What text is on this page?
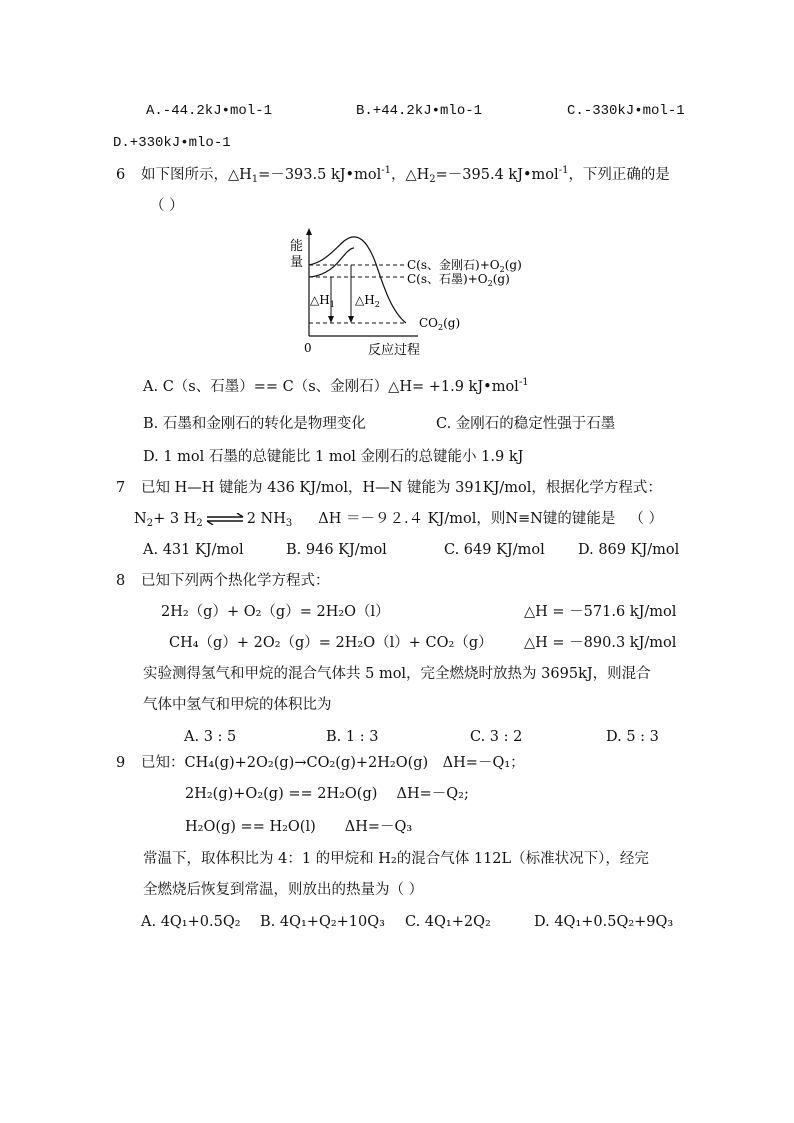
A.-44.2kJ•mol-1	B.+44.2kJ•mlo-1	C.-330kJ•mol-1
D.+330kJ•mlo-1
6 如下图所示，$\triangle H_1=-393.5$ kJ•mol$^{-1}$，$\triangle H_2=-395.4$ kJ•mol$^{-1}$，下列正确的是
（ ）
能
量
0	反应过程
$\triangle H_1$ $\triangle H_2$
C(s、金刚石)$+O_2(g)$
C(s、石墨)$+O_2(g)$
$CO_2(g)$
A. C（s、石墨）== C（s、金刚石）△H= +1.9 kJ•mol$^{-1}$
B. 石墨和金刚石的转化是物理变化	C. 金刚石的稳定性强于石墨
D. 1 mol 石墨的总键能比 1 mol 金刚石的总键能小 1.9 kJ
7 已知 H—H 键能为 436 KJ/mol，H—N 键能为 391KJ/mol，根据化学方程式：
$N_2+ 3$ $H_2$ ⇌ 2 $NH_3$ ΔH ＝－９２.４ KJ/mol，则N≡N键的键能是 （ ）
A. 431 KJ/mol	B. 946 KJ/mol	C. 649 KJ/mol D. 869 KJ/mol
8 已知下列两个热化学方程式：
2H₂（g）+ O₂（g）= 2H₂O（l）	△H = －571.6 kJ/mol
CH₄（g）+ 2O₂（g）= 2H₂O（l）+ CO₂（g） △H = －890.3 kJ/mol
实验测得氢气和甲烷的混合气体共 5 mol，完全燃烧时放热为 3695kJ，则混合
气体中氢气和甲烷的体积比为
A. 3 : 5	B. 1 : 3	C. 3 : 2	D. 5 : 3
9 已知：CH₄(g)+2O₂(g)→CO₂(g)+2H₂O(g)　ΔH=－Q₁；
2H₂(g)+O₂(g) == 2H₂O(g)　 ΔH=－Q₂;
H₂O(g) == H₂O(l)　　ΔH=－Q₃
常温下，取体积比为 4：1 的甲烷和 H₂的混合气体 112L（标准状况下），经完
全燃烧后恢复到常温，则放出的热量为（ ）
A. 4Q₁+0.5Q₂ B. 4Q₁+Q₂+10Q₃ C. 4Q₁+2Q₂	D. 4Q₁+0.5Q₂+9Q₃
